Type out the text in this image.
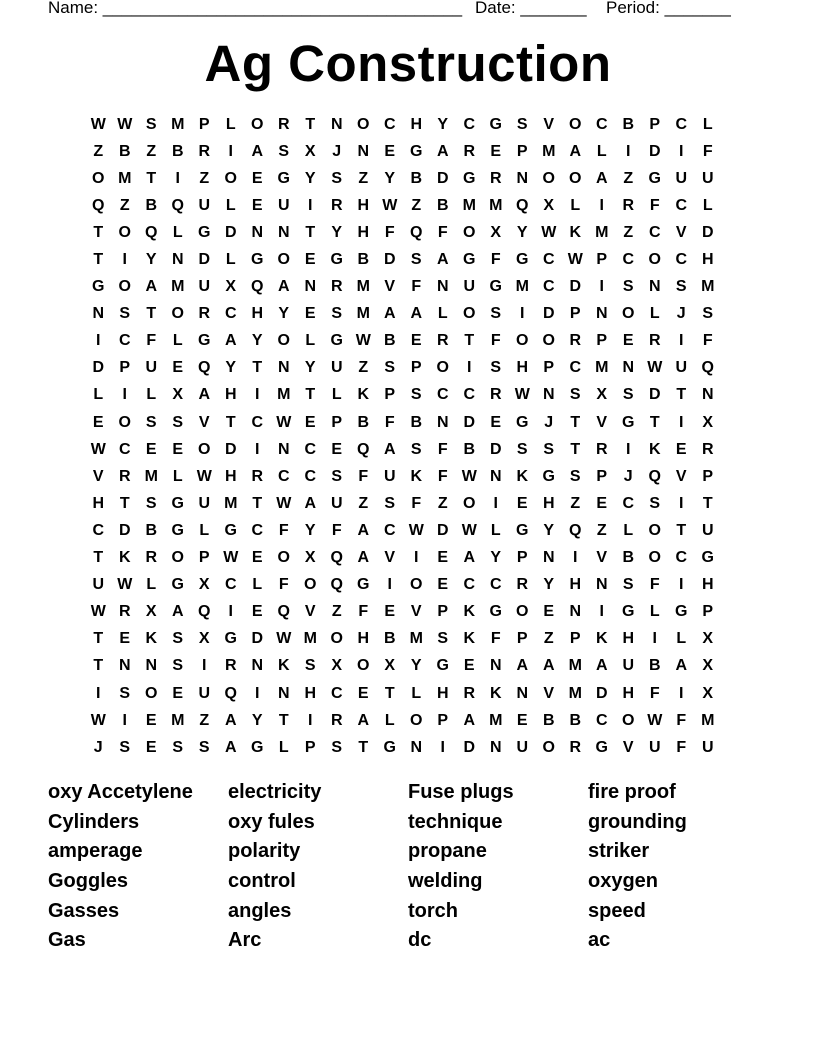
Name: ______________________________________ Date: _______ Period: _______
Ag Construction
W W S M P	L O R T N O C H Y C G S V O C B P C L
Z B Z B R	I	A S X	J	N E G A R E P M A L	I	D	I	F
O M T	I	Z O E G Y S	Z	Y B D G R N O O A Z G U U
Q Z B Q U L	E U	I	R H W Z B M M Q X	L	I	R F C L
T O Q L G D N N T	Y H F Q F O X Y W K M Z C V D
T	I	Y N D L G O E G B D S A G F G C W P C O C H
G O A M U X Q A N R M V	F N U G M C D	I	S N S M
N S	T O R C H Y E S M A A L O S	I	D P N O L	J	S
I	C F	L G A Y O L G W B E R T	F O O R P E R	I	F
D P U E Q Y	T N Y U Z	S P O	I	S H P C M N W U Q
L	I	L	X A H	I	M T	L K P S C C R W N S X S D T N
E O S S V	T C W E P B F B N D E G J	T	V G T	I	X
W C E E O D	I	N C E Q A S	F B D S S	T R	I	K E R
V R M L W H R C C S	F U K F W N K G S P	J Q V P
H T	S G U M T W A U Z	S	F	Z O	I	E H Z	E C S	I	T
C D B G L G C F	Y	F A C W D W L G Y Q Z	L O T U
T K R O P W E O X Q A V	I	E A Y P N	I	V B O C G
U W L G X C L	F O Q G	I	O E C C R Y H N S	F	I	H
W R X A Q	I	E Q V	Z	F	E V P K G O E N	I	G L G P
T	E K S X G D W M O H B M S K F	P	Z	P K H	I	L	X
T N N S	I	R N K S X O X Y G E N A A M A U B A X
I	S O E U Q	I	N H C E	T	L H R K N V M D H F	I	X
W	I	E M Z A Y	T	I	R A L O P A M E B B C O W F M
J	S E S S A G L	P S	T G N	I	D N U O R G V U F U
oxy Accetylene
Cylinders
amperage
Goggles
Gasses
Gas
electricity
oxy fules
polarity
control
angles
Arc
Fuse plugs
technique
propane
welding
torch
dc
fire proof
grounding
striker
oxygen
speed
ac
